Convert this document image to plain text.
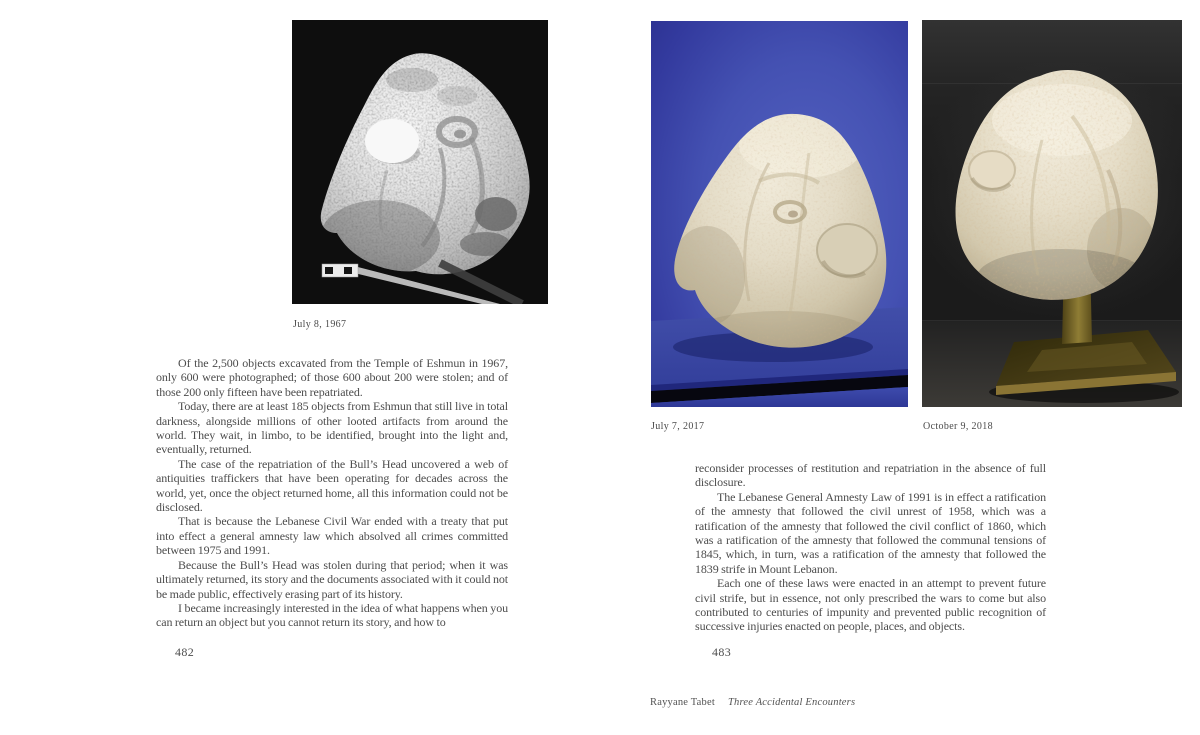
July 8, 1967

Of the 2,500 objects excavated from the Temple of Eshmun in 1967, only 600 were photographed; of those 600 about 200 were stolen; and of those 200 only fifteen have been repatriated.

Today, there are at least 185 objects from Eshmun that still live in total darkness, alongside millions of other looted artifacts from around the world. They wait, in limbo, to be identified, brought into the light and, eventually, returned.

The case of the repatriation of the Bull’s Head uncovered a web of antiquities traffickers that have been operating for decades across the world, yet, once the object returned home, all this information could not be disclosed.

That is because the Lebanese Civil War ended with a treaty that put into effect a general amnesty law which absolved all crimes committed between 1975 and 1991.

Because the Bull’s Head was stolen during that period; when it was ultimately returned, its story and the documents associated with it could not be made public, effectively erasing part of its history.

I became increasingly interested in the idea of what happens when you can return an object but you cannot return its story, and how to

482
July 7, 2017	October 9, 2018

reconsider processes of restitution and repatriation in the absence of full disclosure.

The Lebanese General Amnesty Law of 1991 is in effect a ratification of the amnesty that followed the civil unrest of 1958, which was a ratification of the amnesty that followed the civil conflict of 1860, which was a ratification of the amnesty that followed the communal tensions of 1845, which, in turn, was a ratification of the amnesty that followed the 1839 strife in Mount Lebanon.

Each one of these laws were enacted in an attempt to prevent future civil strife, but in essence, not only prescribed the wars to come but also contributed to centuries of impunity and prevented public recognition of successive injuries enacted on people, places, and objects.

483
Rayyane Tabet Three Accidental Encounters
